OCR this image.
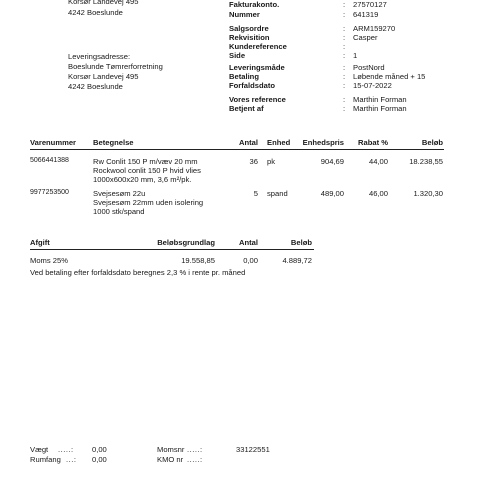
Korsør Landevej 495
4242 Boeslunde
Leveringsadresse:
Boeslunde Tømrerforretning
Korsør Landevej 495
4242 Boeslunde
Fakturakonto.	: 27570127
Nummer	: 641319
Salgsordre	: ARM159270
Rekvisition	: Casper
Kundereference	:
Side	: 1
Leveringsmåde	: PostNord
Betaling	: Løbende måned + 15
Forfaldsdato	: 15-07-2022
Vores reference	: Marthin Forman
Betjent af	: Marthin Forman
Varenummer Betegnelse	Antal Enhed	Enhedspris	Rabat %	Beløb
5066441388	Rw Conlit 150 P m/væv 20 mm
Rockwool conlit 150 P hvid vlies
1000x600x20 mm, 3,6 m²/pk.
36 pk	904,69	44,00	18.238,55
9977253500	Svejsesøm 22u
Svejsesøm 22mm uden isolering
1000 stk/spand
5 spand	489,00	46,00	1.320,30
Afgift	Beløbsgrundlag	Antal	Beløb
Moms 25%	19.558,85	0,00	4.889,72
Ved betaling efter forfaldsdato beregnes 2,3 % i rente pr. måned
Vægt .....: 0,00
Rumfang ...: 0,00
Momsnr .....:	33122551
KMO nr .....:
